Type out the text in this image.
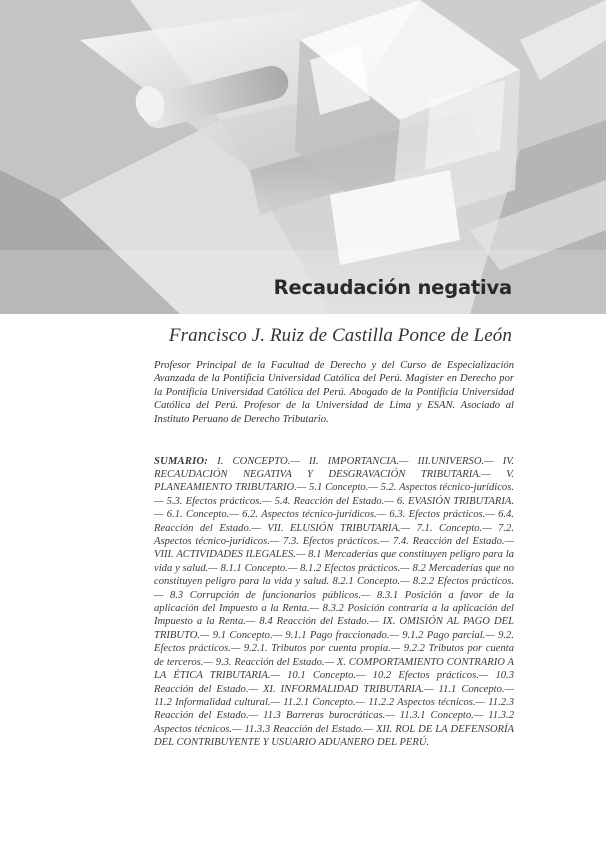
Recaudación negativa
Francisco J. Ruiz de Castilla Ponce de León

Profesor Principal de la Facultad de Derecho y del Curso de Especialización Avanzada de la Pontificia Universidad Católica del Perú. Magíster en Derecho por la Pontificia Universidad Católica del Perú. Abogado de la Pontificia Universidad Católica del Perú. Profesor de la Universidad de Lima y ESAN. Asociado al Instituto Peruano de Derecho Tributario.

SUMARIO: I. CONCEPTO.— II. IMPORTANCIA.— III.UNIVERSO.— IV. RECAUDACIÓN NEGATIVA Y DESGRAVACIÓN TRIBUTARIA.— V. PLANEAMIENTO TRIBUTARIO.— 5.1 Concepto.— 5.2. Aspectos técnico-jurídicos.— 5.3. Efectos prácticos.— 5.4. Reacción del Estado.— 6. EVASIÓN TRIBUTARIA.— 6.1. Concepto.— 6.2. Aspectos técnico-jurídicos.— 6.3. Efectos prácticos.— 6.4. Reacción del Estado.— VII. ELUSIÓN TRIBUTARIA.— 7.1. Concepto.— 7.2. Aspectos técnico-jurídicos.— 7.3. Efectos prácticos.— 7.4. Reacción del Estado.— VIII. ACTIVIDADES ILEGALES.— 8.1 Mercaderías que constituyen peligro para la vida y salud.— 8.1.1 Concepto.— 8.1.2 Efectos prácticos.— 8.2 Mercaderías que no constituyen peligro para la vida y salud. 8.2.1 Concepto.— 8.2.2 Efectos prácticos.— 8.3 Corrupción de funcionarios públicos.— 8.3.1 Posición a favor de la aplicación del Impuesto a la Renta.— 8.3.2 Posición contraria a la aplicación del Impuesto a la Renta.— 8.4 Reacción del Estado.— IX. OMISIÓN AL PAGO DEL TRIBUTO.— 9.1 Concepto.— 9.1.1 Pago fraccionado.— 9.1.2 Pago parcial.— 9.2. Efectos prácticos.— 9.2.1. Tributos por cuenta propia.— 9.2.2 Tributos por cuenta de terceros.— 9.3. Reacción del Estado.— X. COMPORTAMIENTO CONTRARIO A LA ÉTICA TRIBUTARIA.— 10.1 Concepto.— 10.2 Efectos prácticos.— 10.3 Reacción del Estado.— XI. INFORMALIDAD TRIBUTARIA.— 11.1 Concepto.— 11.2 Informalidad cultural.— 11.2.1 Concepto.— 11.2.2 Aspectos técnicos.— 11.2.3 Reacción del Estado.— 11.3 Barreras burocráticas.— 11.3.1 Concepto.— 11.3.2 Aspectos técnicos.— 11.3.3 Reacción del Estado.— XII. ROL DE LA DEFENSORÍA DEL CONTRIBUYENTE Y USUARIO ADUANERO DEL PERÚ.
